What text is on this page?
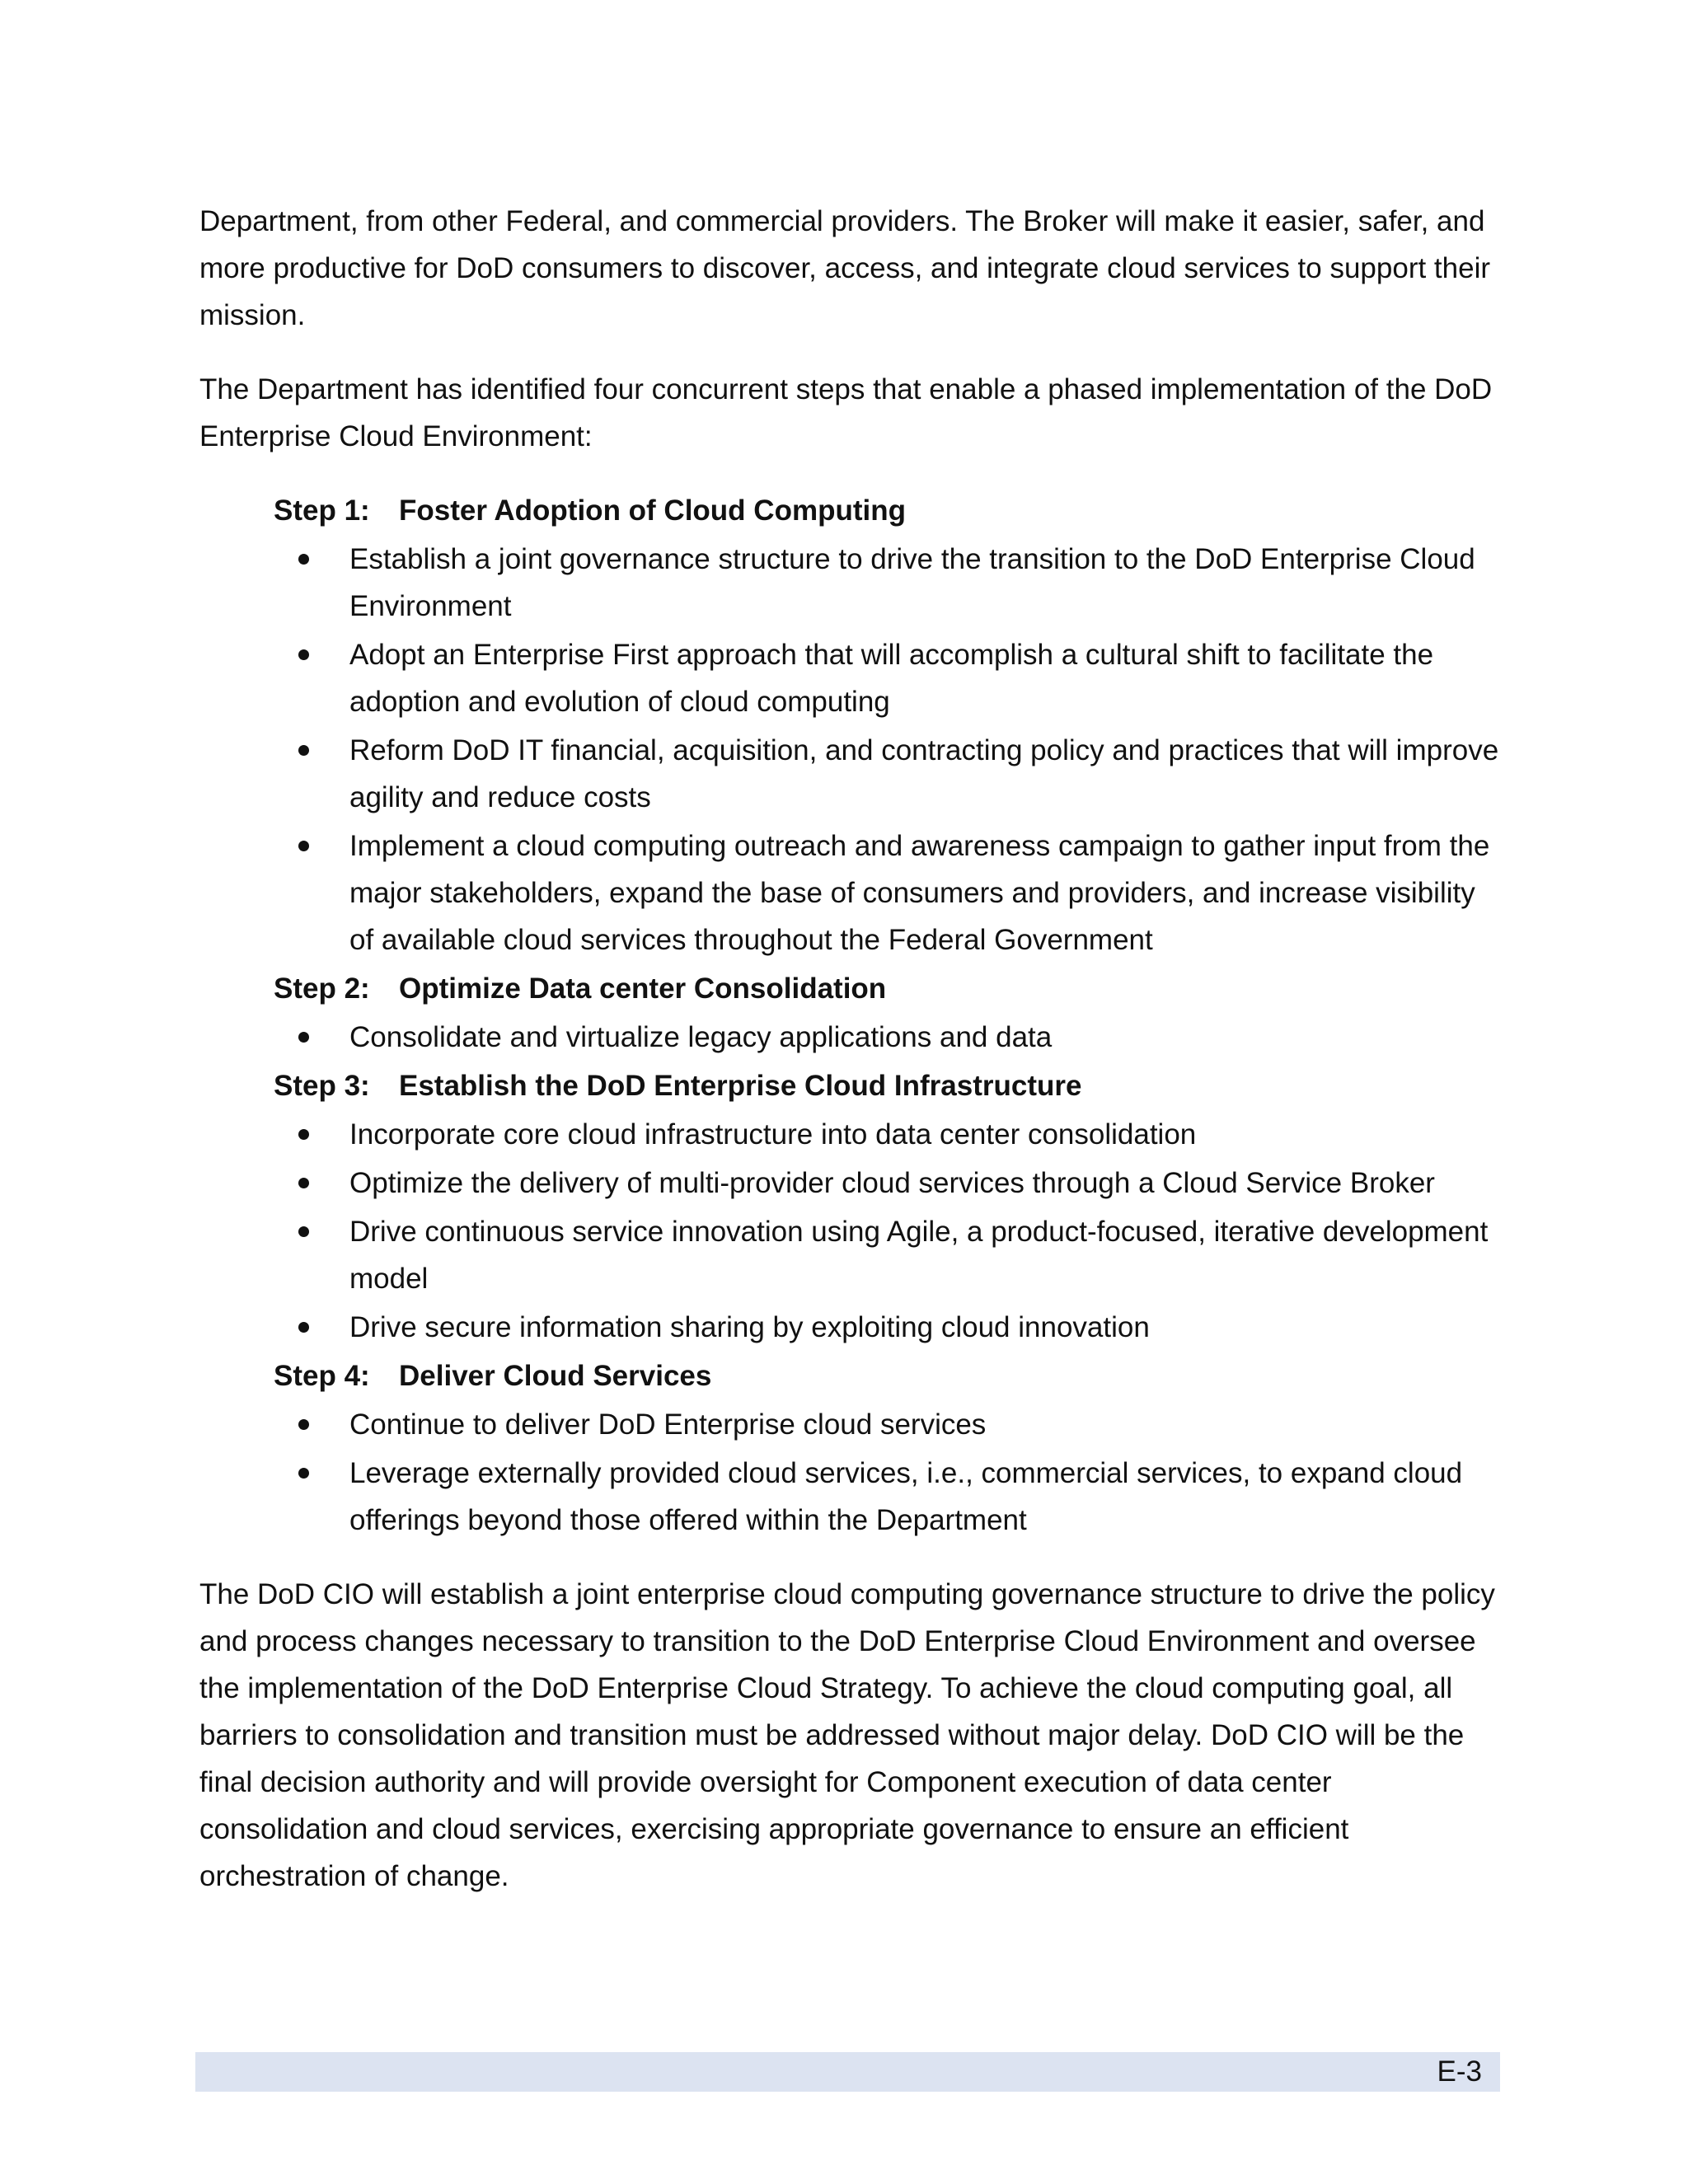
Department, from other Federal, and commercial providers. The Broker will make it easier, safer, and more productive for DoD consumers to discover, access, and integrate cloud services to support their mission.

The Department has identified four concurrent steps that enable a phased implementation of the DoD Enterprise Cloud Environment:

Step 1:	Foster Adoption of Cloud Computing
Establish a joint governance structure to drive the transition to the DoD Enterprise Cloud Environment
Adopt an Enterprise First approach that will accomplish a cultural shift to facilitate the adoption and evolution of cloud computing
Reform DoD IT financial, acquisition, and contracting policy and practices that will improve agility and reduce costs
Implement a cloud computing outreach and awareness campaign to gather input from the major stakeholders, expand the base of consumers and providers, and increase visibility of available cloud services throughout the Federal Government
Step 2:	Optimize Data center Consolidation
Consolidate and virtualize legacy applications and data
Step 3:	Establish the DoD Enterprise Cloud Infrastructure
Incorporate core cloud infrastructure into data center consolidation
Optimize the delivery of multi-provider cloud services through a Cloud Service Broker
Drive continuous service innovation using Agile, a product-focused, iterative development model
Drive secure information sharing by exploiting cloud innovation
Step 4:	Deliver Cloud Services
Continue to deliver DoD Enterprise cloud services
Leverage externally provided cloud services, i.e., commercial services, to expand cloud offerings beyond those offered within the Department

The DoD CIO will establish a joint enterprise cloud computing governance structure to drive the policy and process changes necessary to transition to the DoD Enterprise Cloud Environment and oversee the implementation of the DoD Enterprise Cloud Strategy. To achieve the cloud computing goal, all barriers to consolidation and transition must be addressed without major delay. DoD CIO will be the final decision authority and will provide oversight for Component execution of data center consolidation and cloud services, exercising appropriate governance to ensure an efficient orchestration of change.

E-3
